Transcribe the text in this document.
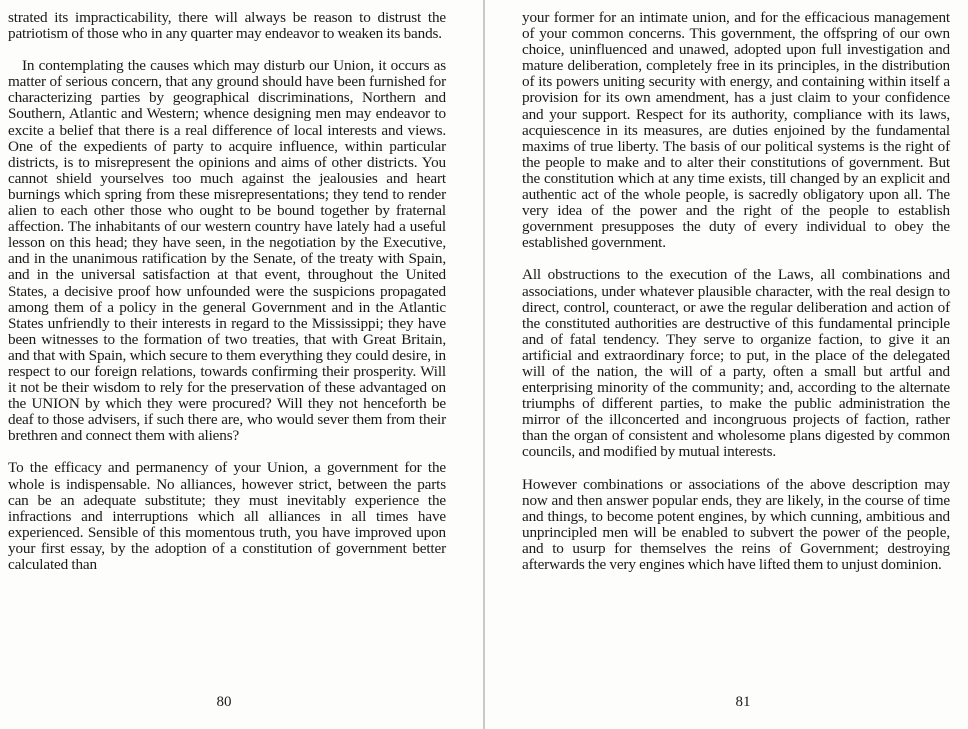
strated its impracticability, there will always be reason to distrust the patriotism of those who in any quarter may endeavor to weaken its bands.

In contemplating the causes which may disturb our Union, it occurs as matter of serious concern, that any ground should have been furnished for characterizing parties by geographical discriminations, Northern and Southern, Atlantic and Western; whence designing men may endeavor to excite a belief that there is a real difference of local interests and views. One of the expedients of party to acquire influence, within particular districts, is to misrepresent the opinions and aims of other districts. You cannot shield yourselves too much against the jealousies and heart burnings which spring from these misrepresentations; they tend to render alien to each other those who ought to be bound together by fraternal affection. The inhabitants of our western country have lately had a useful lesson on this head; they have seen, in the negotiation by the Executive, and in the unanimous ratification by the Senate, of the treaty with Spain, and in the universal satisfaction at that event, throughout the United States, a decisive proof how unfounded were the suspicions propagated among them of a policy in the general Government and in the Atlantic States unfriendly to their interests in regard to the Mississippi; they have been witnesses to the formation of two treaties, that with Great Britain, and that with Spain, which secure to them everything they could desire, in respect to our foreign relations, towards confirming their prosperity. Will it not be their wisdom to rely for the preservation of these advantaged on the UNION by which they were procured? Will they not henceforth be deaf to those advisers, if such there are, who would sever them from their brethren and connect them with aliens?

To the efficacy and permanency of your Union, a government for the whole is indispensable. No alliances, however strict, between the parts can be an adequate substitute; they must inevitably experience the infractions and interruptions which all alliances in all times have experienced. Sensible of this momentous truth, you have improved upon your first essay, by the adoption of a constitution of government better calculated than

80

your former for an intimate union, and for the efficacious management of your common concerns. This government, the offspring of our own choice, uninfluenced and unawed, adopted upon full investigation and mature deliberation, completely free in its principles, in the distribution of its powers uniting security with energy, and containing within itself a provision for its own amendment, has a just claim to your confidence and your support. Respect for its authority, compliance with its laws, acquiescence in its measures, are duties enjoined by the fundamental maxims of true liberty. The basis of our political systems is the right of the people to make and to alter their constitutions of government. But the constitution which at any time exists, till changed by an explicit and authentic act of the whole people, is sacredly obligatory upon all. The very idea of the power and the right of the people to establish government presupposes the duty of every individual to obey the established government.

All obstructions to the execution of the Laws, all combinations and associations, under whatever plausible character, with the real design to direct, control, counteract, or awe the regular deliberation and action of the constituted authorities are destructive of this fundamental principle and of fatal tendency. They serve to organize faction, to give it an artificial and extraordinary force; to put, in the place of the delegated will of the nation, the will of a party, often a small but artful and enterprising minority of the community; and, according to the alternate triumphs of different parties, to make the public administration the mirror of the illconcerted and incongruous projects of faction, rather than the organ of consistent and wholesome plans digested by common councils, and modified by mutual interests.

However combinations or associations of the above description may now and then answer popular ends, they are likely, in the course of time and things, to become potent engines, by which cunning, ambitious and unprincipled men will be enabled to subvert the power of the people, and to usurp for themselves the reins of Government; destroying afterwards the very engines which have lifted them to unjust dominion.

81
